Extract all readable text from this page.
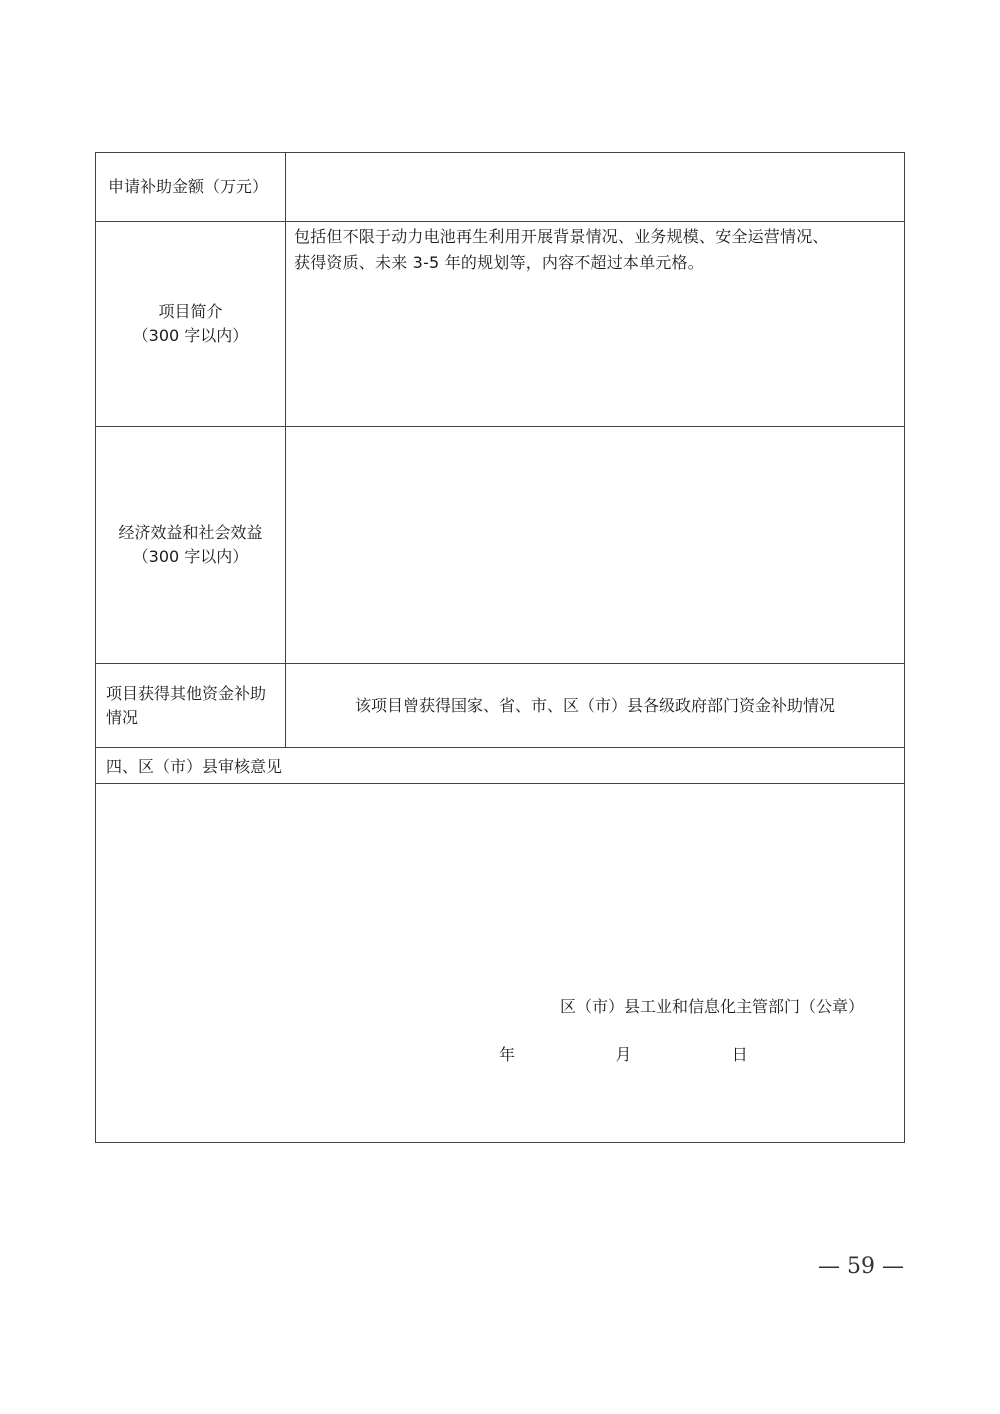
申请补助金额（万元）
项目简介
（300 字以内）
包括但不限于动力电池再生利用开展背景情况、业务规模、安全运营情况、
获得资质、未来 3-5 年的规划等，内容不超过本单元格。
经济效益和社会效益
（300 字以内）
项目获得其他资金补助
情况
该项目曾获得国家、省、市、区（市）县各级政府部门资金补助情况
四、区（市）县审核意见
区（市）县工业和信息化主管部门（公章）
年    月    日
— 59 —
